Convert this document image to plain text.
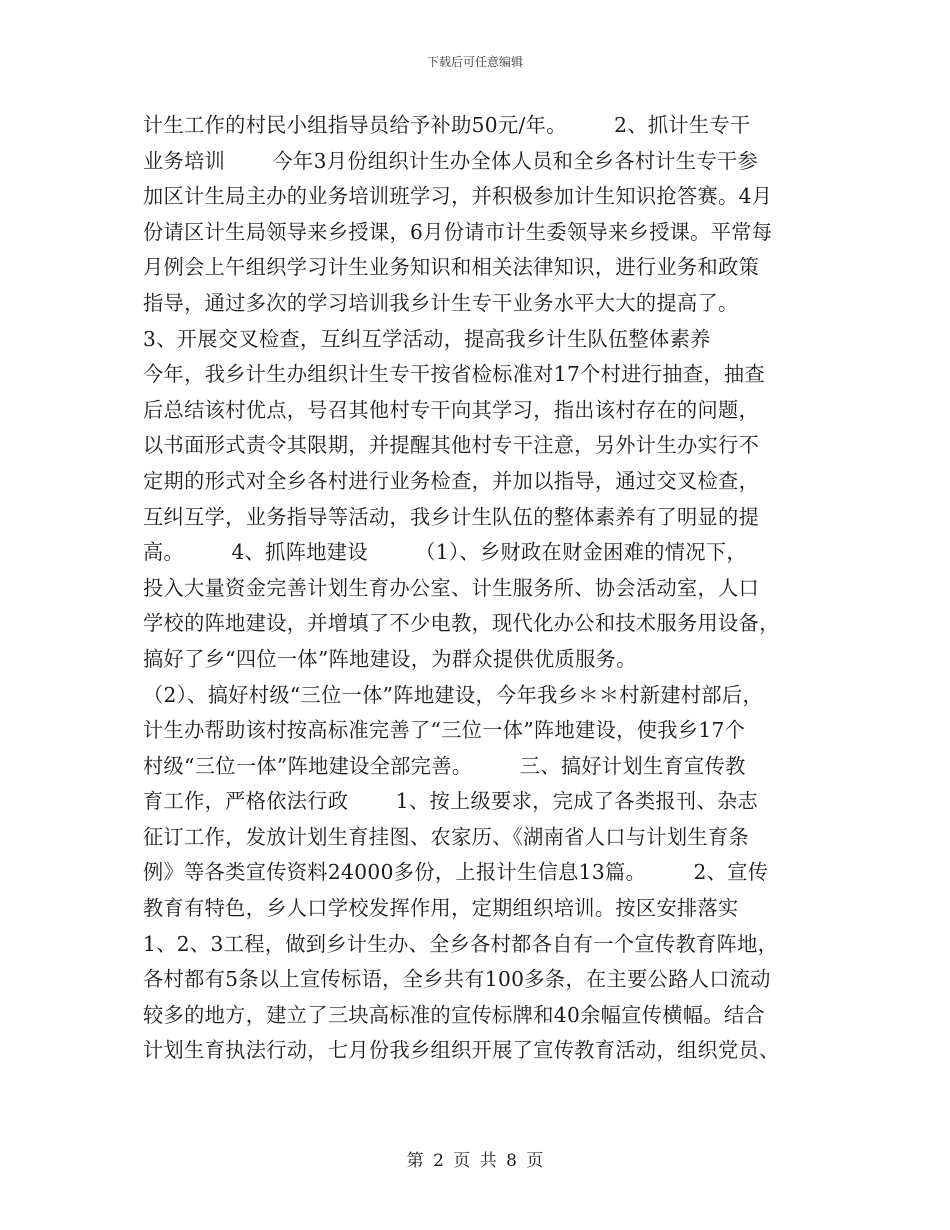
下载后可任意编辑
计生工作的村民小组指导员给予补助50元/年。       2、抓计生专干
业务培训       今年3月份组织计生办全体人员和全乡各村计生专干参
加区计生局主办的业务培训班学习，并积极参加计生知识抢答赛。4月
份请区计生局领导来乡授课，6月份请市计生委领导来乡授课。平常每
月例会上午组织学习计生业务知识和相关法律知识，进行业务和政策
指导，通过多次的学习培训我乡计生专干业务水平大大的提高了。
3、开展交叉检查，互纠互学活动，提高我乡计生队伍整体素养
今年，我乡计生办组织计生专干按省检标准对17个村进行抽查，抽查
后总结该村优点，号召其他村专干向其学习，指出该村存在的问题，
以书面形式责令其限期，并提醒其他村专干注意，另外计生办实行不
定期的形式对全乡各村进行业务检查，并加以指导，通过交叉检查，
互纠互学，业务指导等活动，我乡计生队伍的整体素养有了明显的提
高。       4、抓阵地建设       （1）、乡财政在财金困难的情况下，
投入大量资金完善计划生育办公室、计生服务所、协会活动室，人口
学校的阵地建设，并增填了不少电教，现代化办公和技术服务用设备，
搞好了乡“四位一体”阵地建设，为群众提供优质服务。
（2）、搞好村级“三位一体”阵地建设，今年我乡＊＊村新建村部后，
计生办帮助该村按高标准完善了“三位一体”阵地建设，使我乡17个
村级“三位一体”阵地建设全部完善。       三、搞好计划生育宣传教
育工作，严格依法行政       1、按上级要求，完成了各类报刊、杂志
征订工作，发放计划生育挂图、农家历、《湖南省人口与计划生育条
例》等各类宣传资料24000多份，上报计生信息13篇。       2、宣传
教育有特色，乡人口学校发挥作用，定期组织培训。按区安排落实
1、2、3工程，做到乡计生办、全乡各村都各自有一个宣传教育阵地，
各村都有5条以上宣传标语，全乡共有100多条，在主要公路人口流动
较多的地方，建立了三块高标准的宣传标牌和40余幅宣传横幅。结合
计划生育执法行动，七月份我乡组织开展了宣传教育活动，组织党员、
第 2 页 共 8 页
